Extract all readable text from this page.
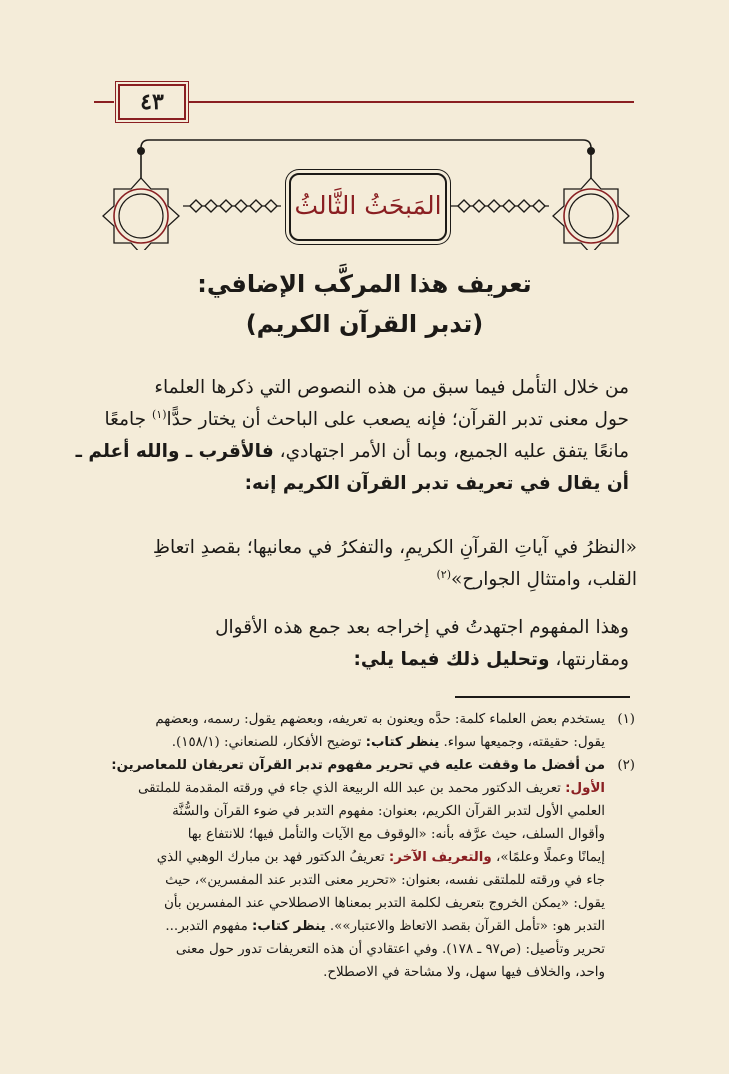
٤٣
المَبحَثُ الثَّالثُ
تعريف هذا المركَّب الإضافي:
(تدبر القرآن الكريم)
من خلال التأمل فيما سبق من هذه النصوص التي ذكرها العلماء
حول معنى تدبر القرآن؛ فإنه يصعب على الباحث أن يختار حدًّا$^{(١)}$ جامعًا
مانعًا يتفق عليه الجميع، وبما أن الأمر اجتهادي، فالأقرب ـ والله أعلم ـ
أن يقال في تعريف تدبر القرآن الكريم إنه:
«النظرُ في آياتِ القرآنِ الكريمِ، والتفكرُ في معانيها؛ بقصدِ اتعاظِ
القلب، وامتثالِ الجوارح»$^{(٢)}$
وهذا المفهوم اجتهدتُ في إخراجه بعد جمع هذه الأقوال
ومقارنتها، وتحليل ذلك فيما يلي:
(١)يستخدم بعض العلماء كلمة: حدَّه ويعنون به تعريفه، وبعضهم يقول: رسمه، وبعضهم
يقول: حقيقته، وجميعها سواء. ينظر كتاب: توضيح الأفكار، للصنعاني: (١٥٨/١).
(٢)من أفضل ما وقفت عليه في تحرير مفهوم تدبر القرآن تعريفان للمعاصرين:
الأول: تعريف الدكتور محمد بن عبد الله الربيعة الذي جاء في ورقته المقدمة للملتقى
العلمي الأول لتدبر القرآن الكريم، بعنوان: مفهوم التدبر في ضوء القرآن والسُّنَّة
وأقوال السلف، حيث عرَّفه بأنه: «الوقوف مع الآيات والتأمل فيها؛ للانتفاع بها
إيمانًا وعملًا وعلمًا»، والتعريف الآخر: تعريفُ الدكتور فهد بن مبارك الوهبي الذي
جاء في ورقته للملتقى نفسه، بعنوان: «تحرير معنى التدبر عند المفسرين»، حيث
يقول: «يمكن الخروج بتعريف لكلمة التدبر بمعناها الاصطلاحي عند المفسرين بأن
التدبر هو: «تأمل القرآن بقصد الاتعاظ والاعتبار»». ينظر كتاب: مفهوم التدبر...
تحرير وتأصيل: (ص٩٧ ـ ١٧٨). وفي اعتقادي أن هذه التعريفات تدور حول معنى
واحد، والخلاف فيها سهل، ولا مشاحة في الاصطلاح.
